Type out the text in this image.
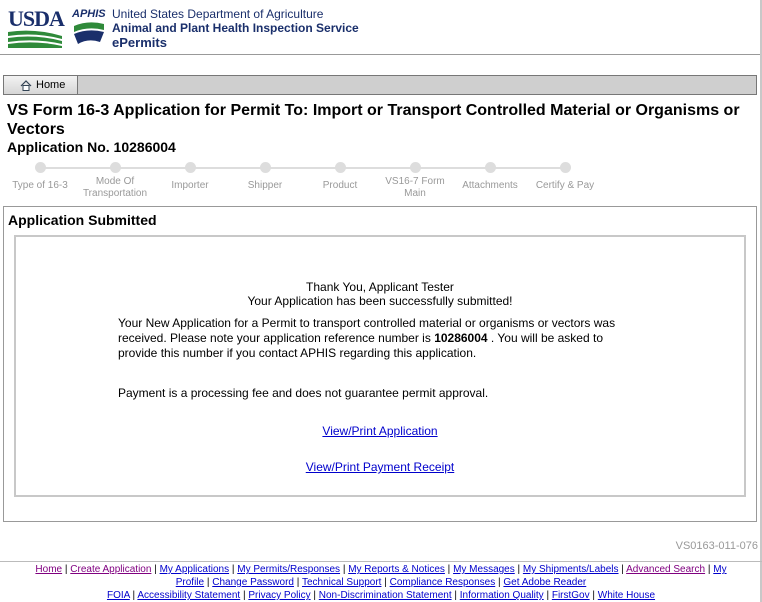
USDA APHIS United States Department of Agriculture
Animal and Plant Health Inspection Service
ePermits
Home
VS Form 16-3 Application for Permit To: Import or Transport Controlled Material or Organisms or Vectors
Application No. 10286004
Type of 16-3	Mode Of Transportation
Importer	Shipper	Product	VS16-7 Form Main
Attachments	Certify & Pay
Application Submitted
Thank You, Applicant Tester
Your Application has been successfully submitted!
Your New Application for a Permit to transport controlled material or organisms or vectors was received. Please note your application reference number is 10286004 . You will be asked to provide this number if you contact APHIS regarding this application.
Payment is a processing fee and does not guarantee permit approval.
View/Print Application
View/Print Payment Receipt
VS0163-011-076
Home | Create Application | My Applications | My Permits/Responses | My Reports & Notices | My Messages | My Shipments/Labels | Advanced Search | My
Profile | Change Password | Technical Support | Compliance Responses | Get Adobe Reader
FOIA | Accessibility Statement | Privacy Policy | Non-Discrimination Statement | Information Quality | FirstGov | White House
